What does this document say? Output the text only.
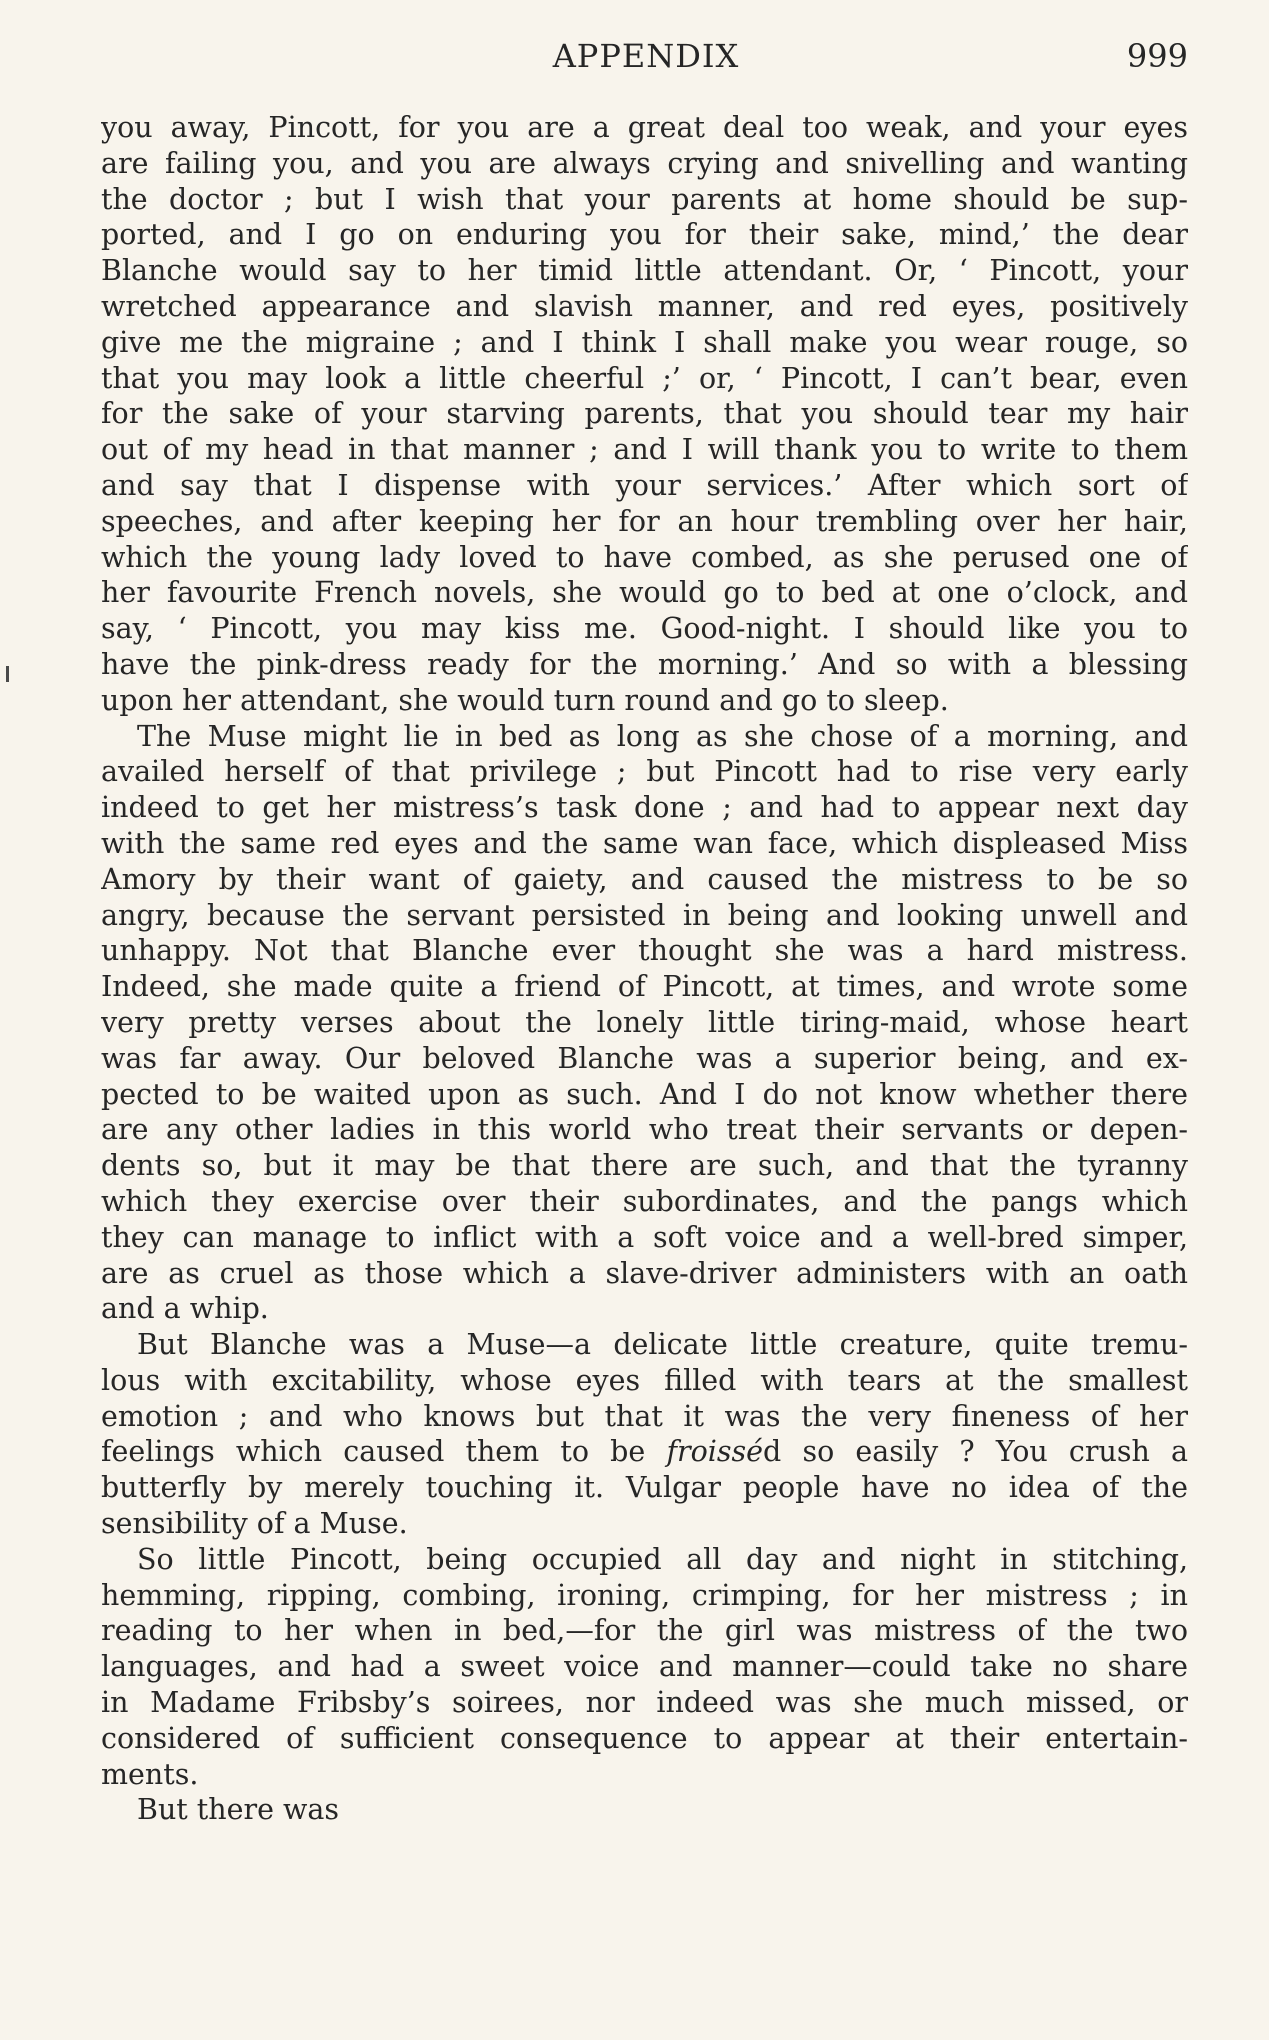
APPENDIX	999
you away, Pincott, for you are a great deal too weak, and your eyes
are failing you, and you are always crying and snivelling and wanting
the doctor ; but I wish that your parents at home should be sup-
ported, and I go on enduring you for their sake, mind,’ the dear
Blanche would say to her timid little attendant. Or, ‘ Pincott, your
wretched appearance and slavish manner, and red eyes, positively
give me the migraine ; and I think I shall make you wear rouge, so
that you may look a little cheerful ;’ or, ‘ Pincott, I can’t bear, even
for the sake of your starving parents, that you should tear my hair
out of my head in that manner ; and I will thank you to write to them
and say that I dispense with your services.’ After which sort of
speeches, and after keeping her for an hour trembling over her hair,
which the young lady loved to have combed, as she perused one of
her favourite French novels, she would go to bed at one o’clock, and
say, ‘ Pincott, you may kiss me. Good-night. I should like you to
have the pink-dress ready for the morning.’ And so with a blessing
upon her attendant, she would turn round and go to sleep.
The Muse might lie in bed as long as she chose of a morning, and
availed herself of that privilege ; but Pincott had to rise very early
indeed to get her mistress’s task done ; and had to appear next day
with the same red eyes and the same wan face, which displeased Miss
Amory by their want of gaiety, and caused the mistress to be so
angry, because the servant persisted in being and looking unwell and
unhappy. Not that Blanche ever thought she was a hard mistress.
Indeed, she made quite a friend of Pincott, at times, and wrote some
very pretty verses about the lonely little tiring-maid, whose heart
was far away. Our beloved Blanche was a superior being, and ex-
pected to be waited upon as such. And I do not know whether there
are any other ladies in this world who treat their servants or depen-
dents so, but it may be that there are such, and that the tyranny
which they exercise over their subordinates, and the pangs which
they can manage to inflict with a soft voice and a well-bred simper,
are as cruel as those which a slave-driver administers with an oath
and a whip.
But Blanche was a Muse—a delicate little creature, quite tremu-
lous with excitability, whose eyes filled with tears at the smallest
emotion ; and who knows but that it was the very fineness of her
feelings which caused them to be froisséd so easily ? You crush a
butterfly by merely touching it. Vulgar people have no idea of the
sensibility of a Muse.
So little Pincott, being occupied all day and night in stitching,
hemming, ripping, combing, ironing, crimping, for her mistress ; in
reading to her when in bed,—for the girl was mistress of the two
languages, and had a sweet voice and manner—could take no share
in Madame Fribsby’s soirees, nor indeed was she much missed, or
considered of sufficient consequence to appear at their entertain-
ments.
But there was
